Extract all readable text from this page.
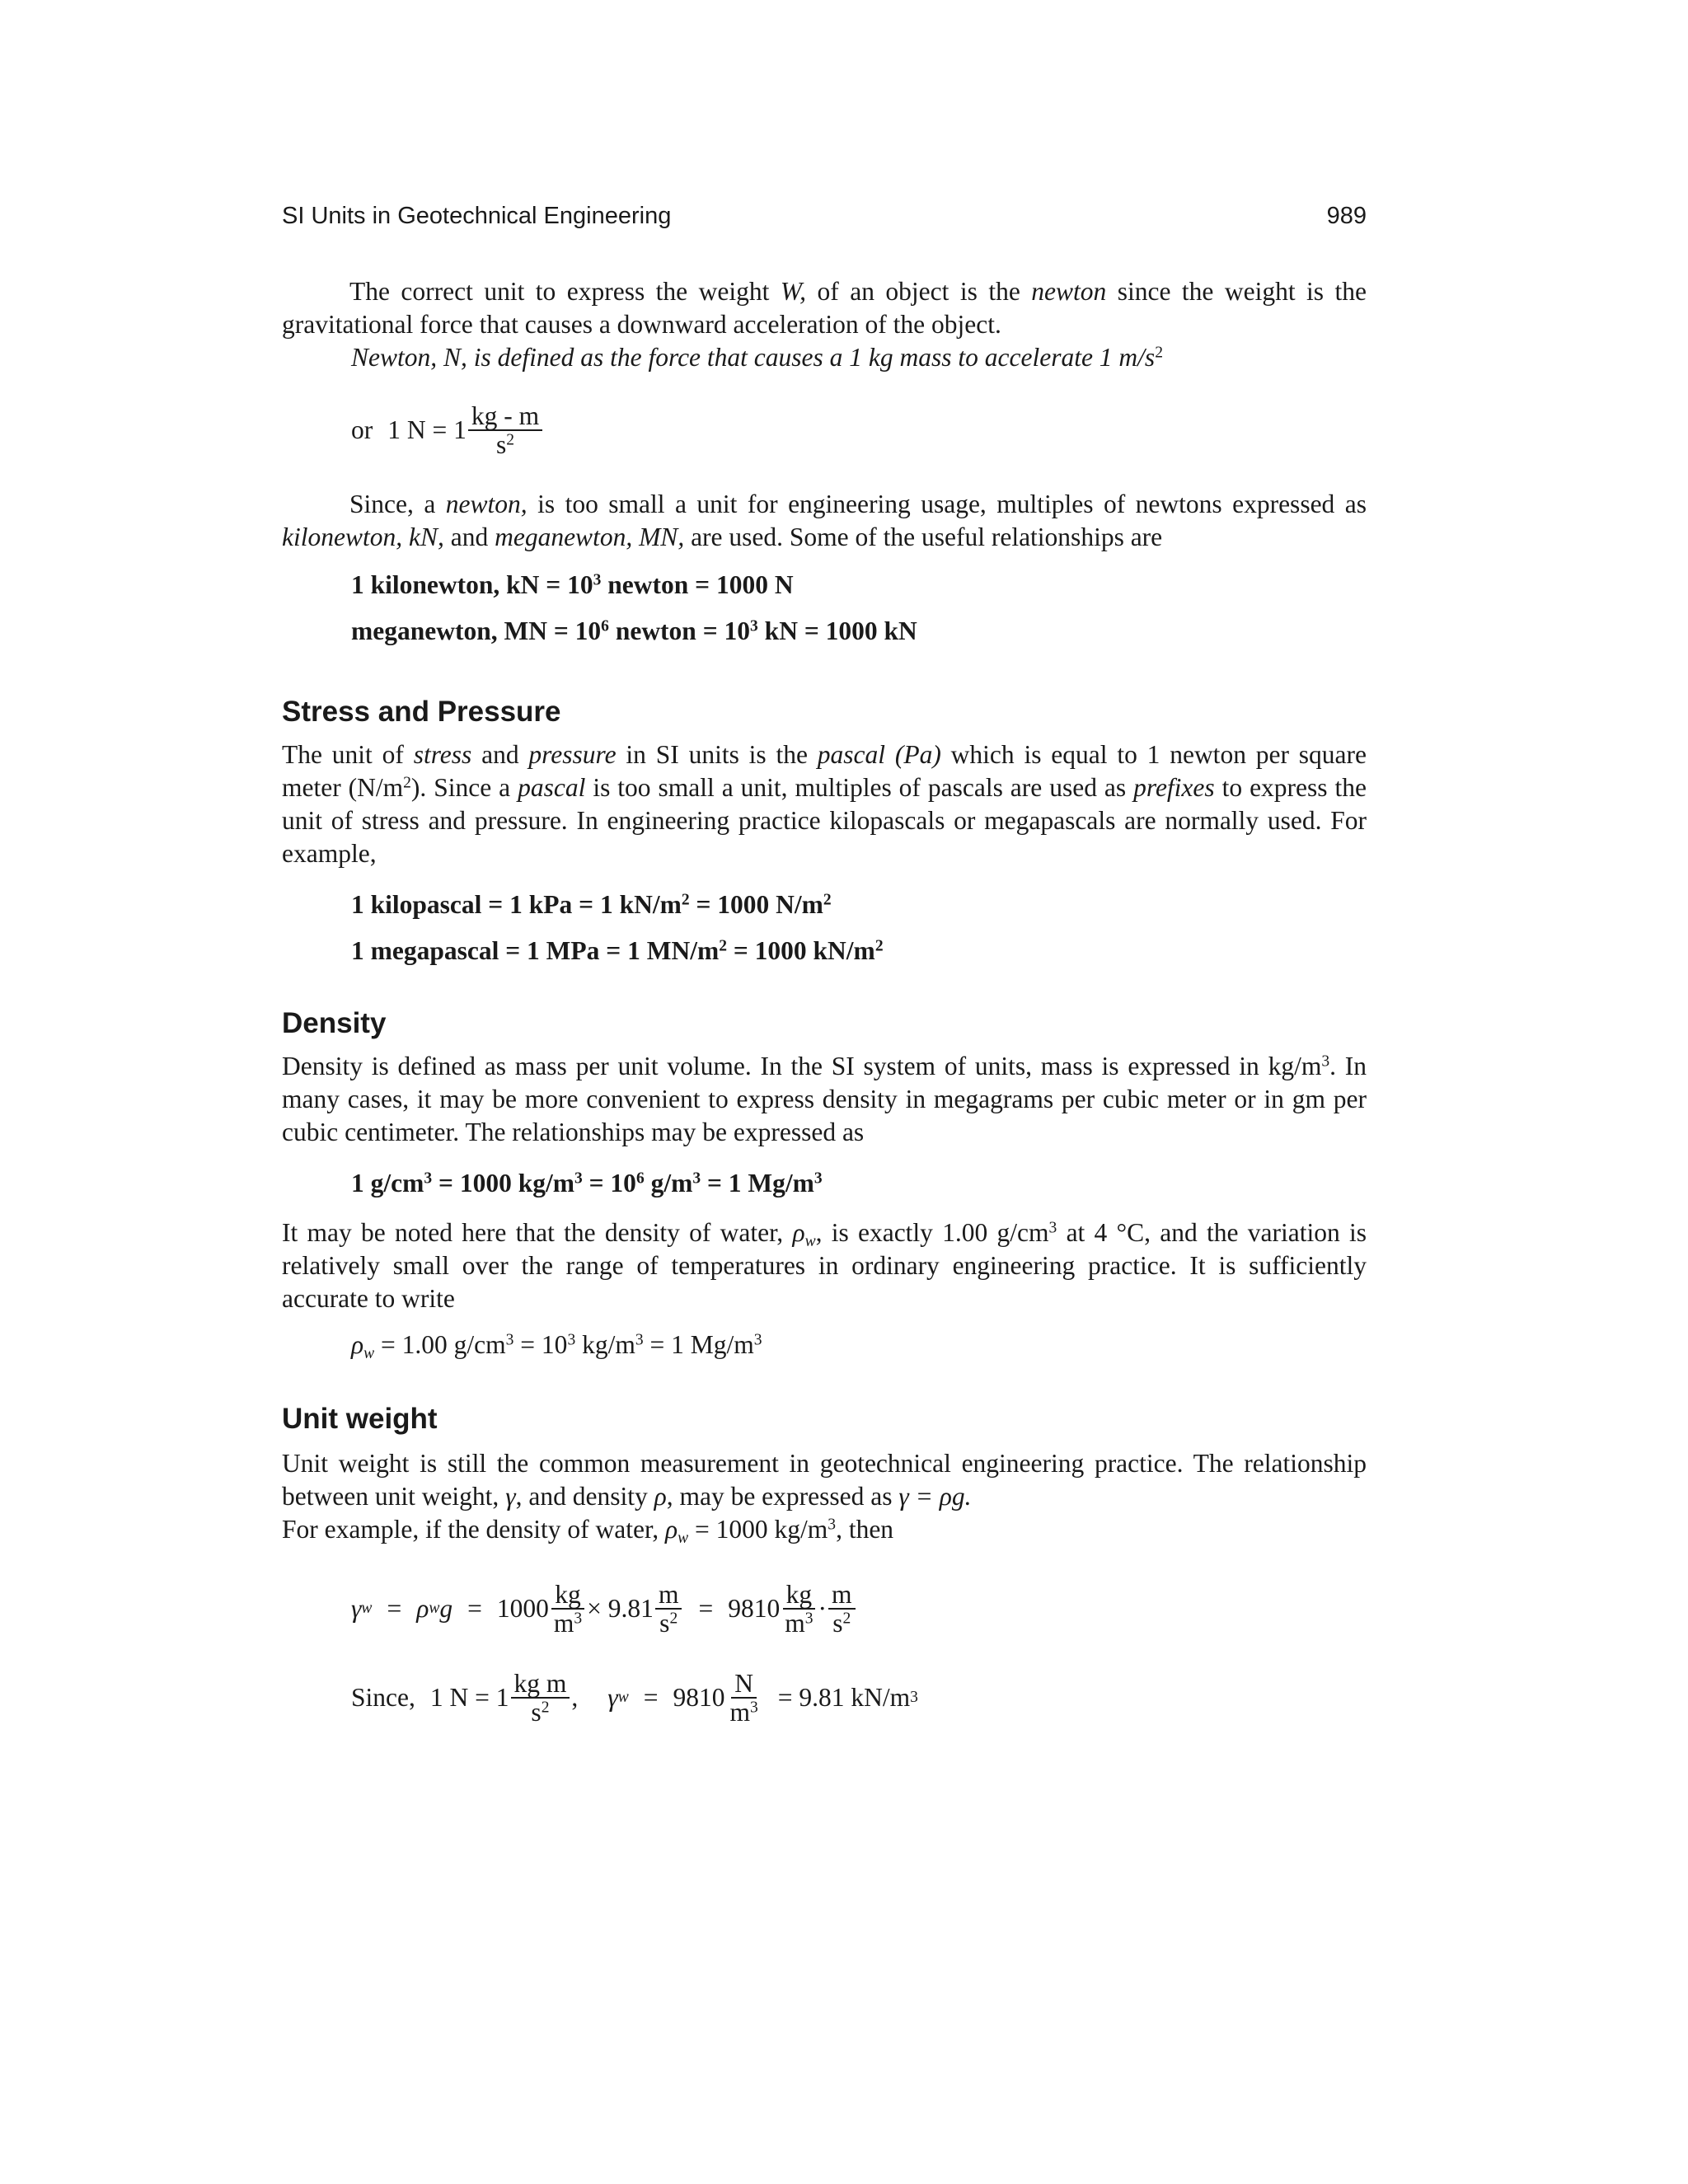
SI Units in Geotechnical Engineering	989

The correct unit to express the weight W, of an object is the newton since the weight is the gravitational force that causes a downward acceleration of the object.

Newton, N, is defined as the force that causes a 1 kg mass to accelerate 1 $m/s^2$

or 1 $N = 1 \frac{kg - m}{s^2}$

Since, a newton, is too small a unit for engineering usage, multiples of newtons expressed as kilonewton, kN, and meganewton, MN, are used. Some of the useful relationships are

1 kilonewton, kN = $10^3$ newton = 1000 N
meganewton, MN = $10^6$ newton = $10^3$ kN = 1000 kN
Stress and Pressure

The unit of stress and pressure in SI units is the pascal (Pa) which is equal to 1 newton per square meter $(N/m^2)$. Since a pascal is too small a unit, multiples of pascals are used as prefixes to express the unit of stress and pressure. In engineering practice kilopascals or megapascals are normally used. For example,

1 kilopascal = 1 kPa = 1 $kN/m^2 = 1000$ $N/m^2$
1 megapascal = 1 MPa = 1 $MN/m^2 = 1000$ $kN/m^2$
Density

Density is defined as mass per unit volume. In the SI system of units, mass is expressed in $kg/m^3$. In many cases, it may be more convenient to express density in megagrams per cubic meter or in gm per cubic centimeter. The relationships may be expressed as

1 $g/cm^3 = 1000$ $kg/m^3 = 10^6$ $g/m^3 = 1$ $Mg/m^3$

It may be noted here that the density of water, $\rho_w$, is exactly 1.00 $g/cm^3$ at 4 °C, and the variation is relatively small over the range of temperatures in ordinary engineering practice. It is sufficiently accurate to write

$\rho_w = 1.00$ $g/cm^3 = 10^3$ $kg/m^3 = 1$ $Mg/m^3$
Unit weight

Unit weight is still the common measurement in geotechnical engineering practice. The relationship between unit weight, γ, and density ρ, may be expressed as γ = ρg.

For example, if the density of water, $\rho_w = 1000$ $kg/m^3$, then

γ w = ρ w $g = 1000 \frac{kg}{m^3} \times 9.81 \frac{m}{s^2} = 9810 \frac{kg}{m^3} \cdot \frac{m}{s^2}$
Since, 1 $N = 1 \frac{\text{kg m}}{s^2}$ , γ $w = 9810 \frac{N}{m^3} = 9.81$ kN/m 3
